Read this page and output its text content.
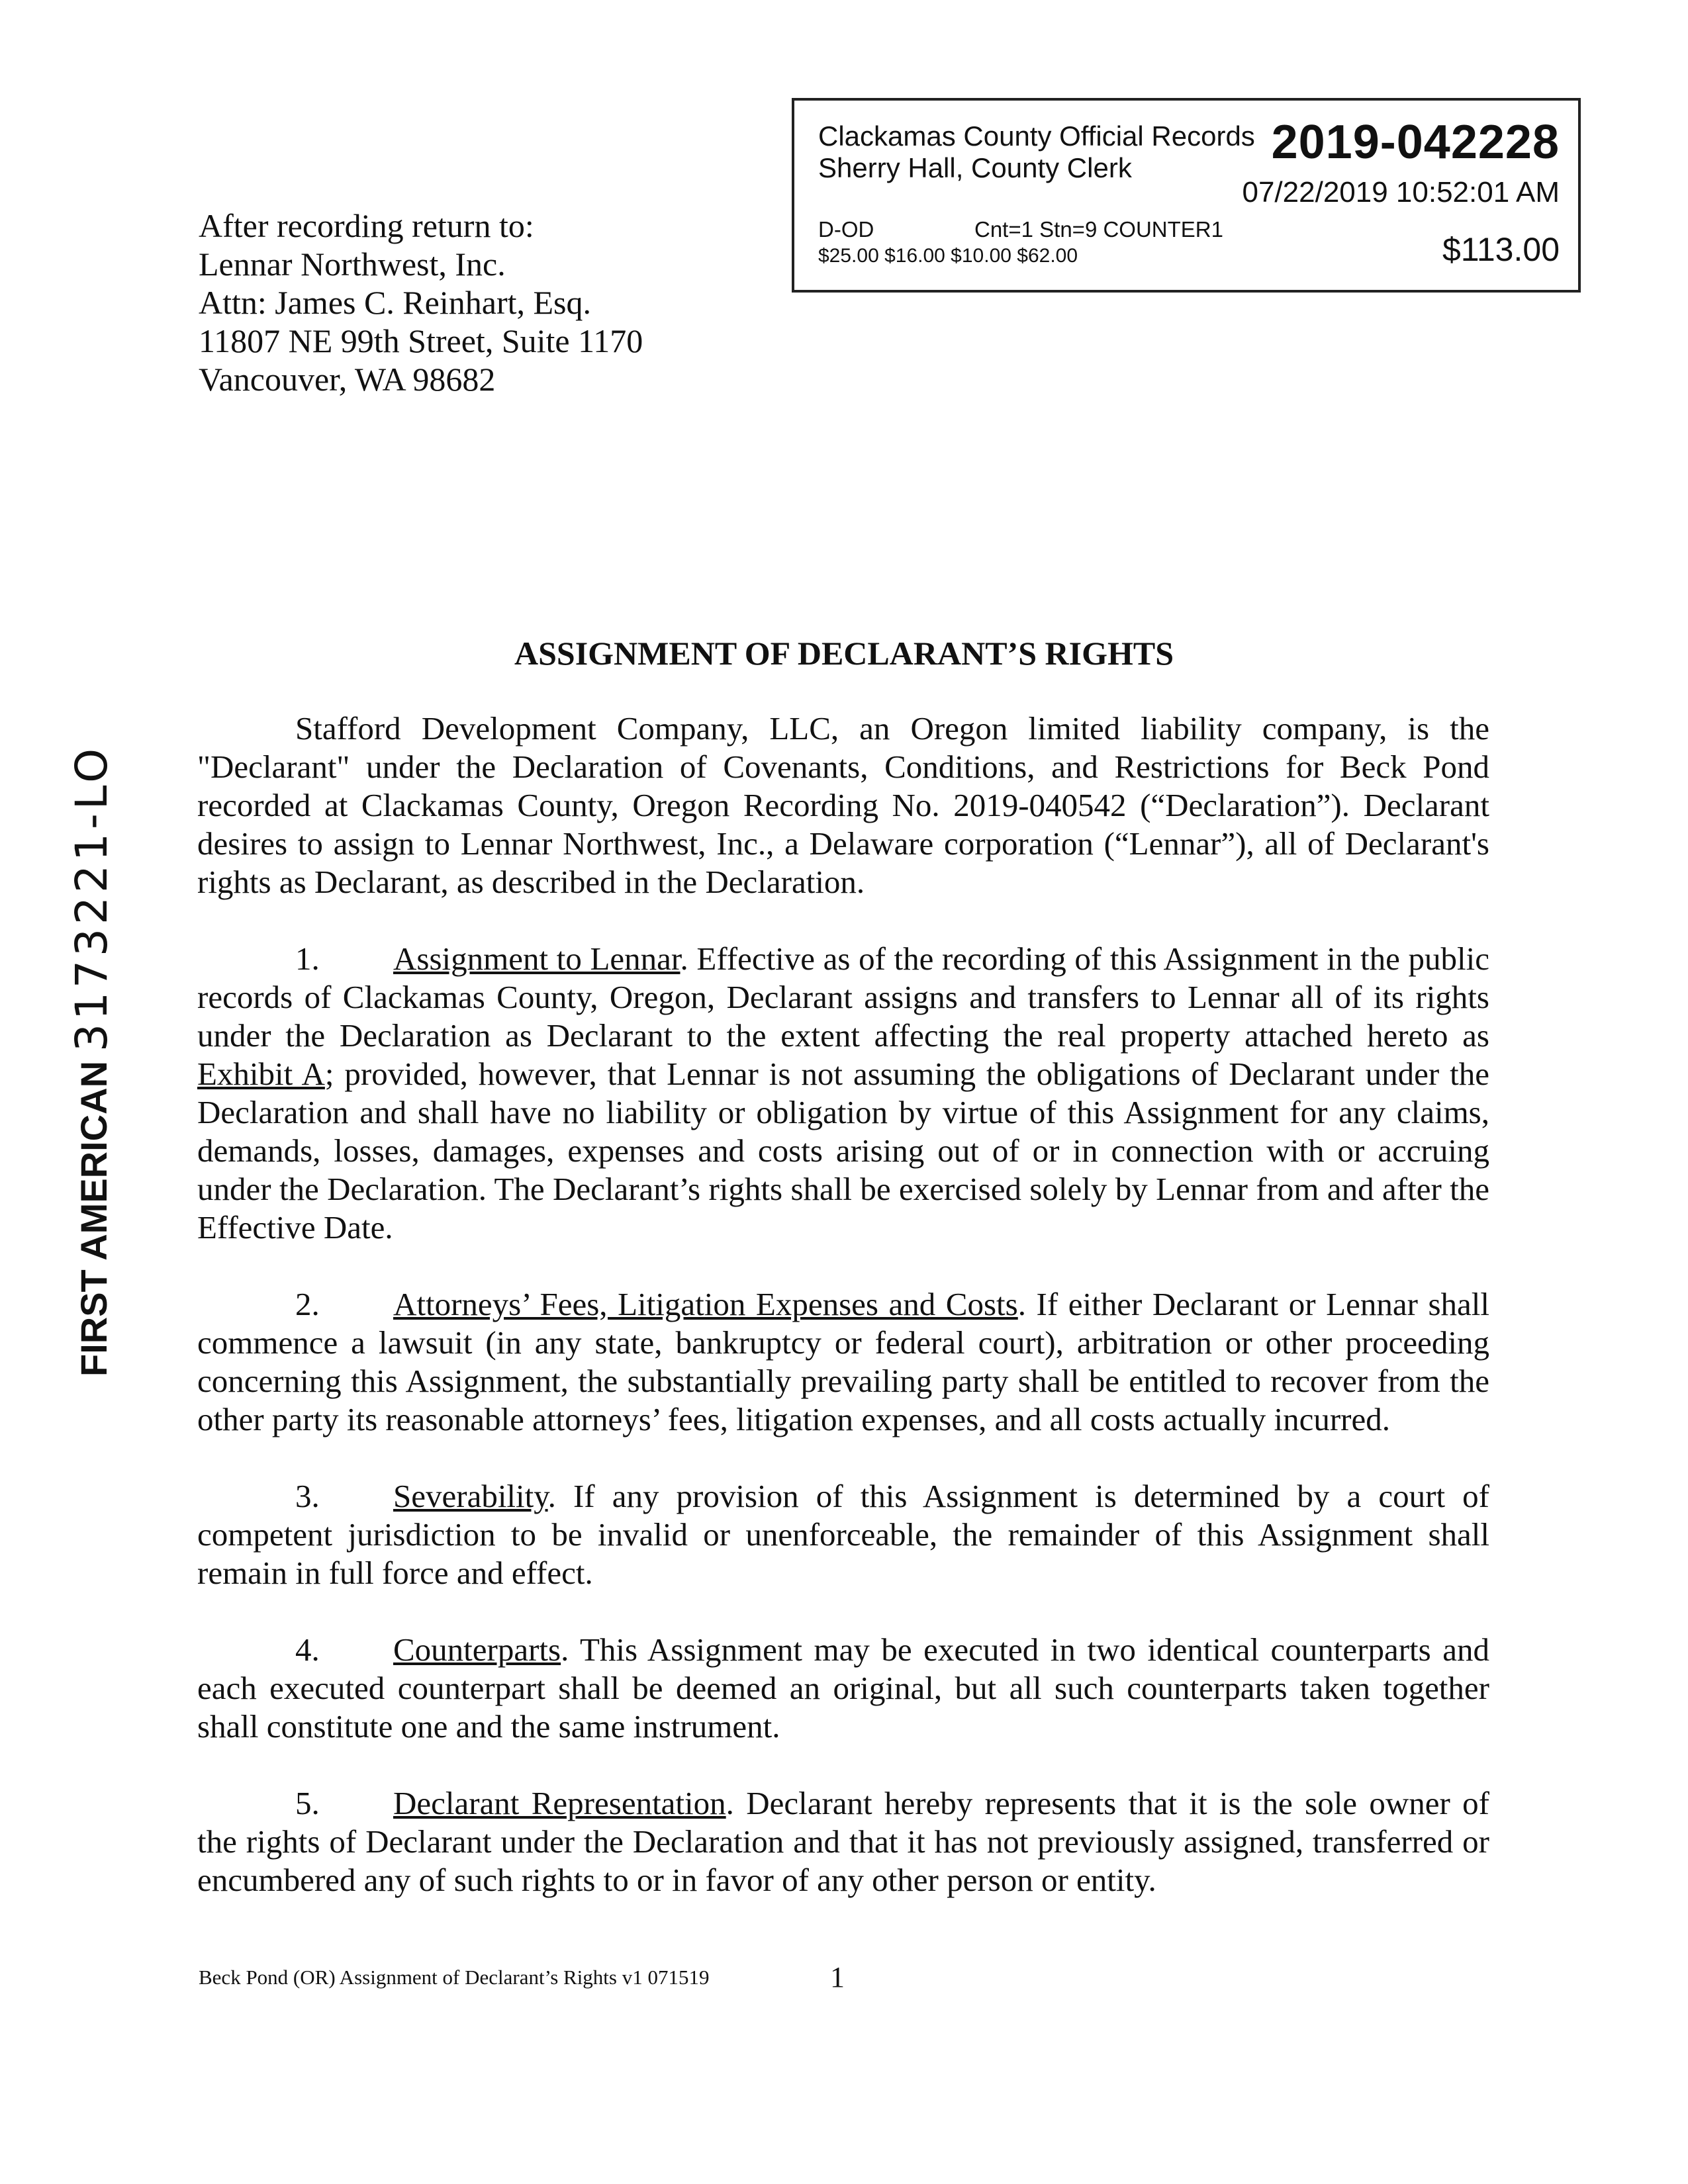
After recording return to:
Lennar Northwest, Inc.
Attn: James C. Reinhart, Esq.
11807 NE 99th Street, Suite 1170
Vancouver, WA 98682
Clackamas County Official Records
Sherry Hall, County Clerk	2019-042228
07/22/2019 10:52:01 AM
D-OD	Cnt=1 Stn=9 COUNTER1
$25.00 $16.00 $10.00 $62.00	$113.00
FIRST AMERICAN 3173221-LO
ASSIGNMENT OF DECLARANT’S RIGHTS

Stafford Development Company, LLC, an Oregon limited liability company, is the "Declarant" under the Declaration of Covenants, Conditions, and Restrictions for Beck Pond recorded at Clackamas County, Oregon Recording No. 2019-040542 (“Declaration”). Declarant desires to assign to Lennar Northwest, Inc., a Delaware corporation (“Lennar”), all of Declarant's rights as Declarant, as described in the Declaration.

1. Assignment to Lennar. Effective as of the recording of this Assignment in the public records of Clackamas County, Oregon, Declarant assigns and transfers to Lennar all of its rights under the Declaration as Declarant to the extent affecting the real property attached hereto as Exhibit A; provided, however, that Lennar is not assuming the obligations of Declarant under the Declaration and shall have no liability or obligation by virtue of this Assignment for any claims, demands, losses, damages, expenses and costs arising out of or in connection with or accruing under the Declaration. The Declarant’s rights shall be exercised solely by Lennar from and after the Effective Date.

2. Attorneys’ Fees, Litigation Expenses and Costs. If either Declarant or Lennar shall commence a lawsuit (in any state, bankruptcy or federal court), arbitration or other proceeding concerning this Assignment, the substantially prevailing party shall be entitled to recover from the other party its reasonable attorneys’ fees, litigation expenses, and all costs actually incurred.

3. Severability. If any provision of this Assignment is determined by a court of competent jurisdiction to be invalid or unenforceable, the remainder of this Assignment shall remain in full force and effect.

4. Counterparts. This Assignment may be executed in two identical counterparts and each executed counterpart shall be deemed an original, but all such counterparts taken together shall constitute one and the same instrument.

5. Declarant Representation. Declarant hereby represents that it is the sole owner of the rights of Declarant under the Declaration and that it has not previously assigned, transferred or encumbered any of such rights to or in favor of any other person or entity.

Beck Pond (OR) Assignment of Declarant’s Rights v1 071519	1
